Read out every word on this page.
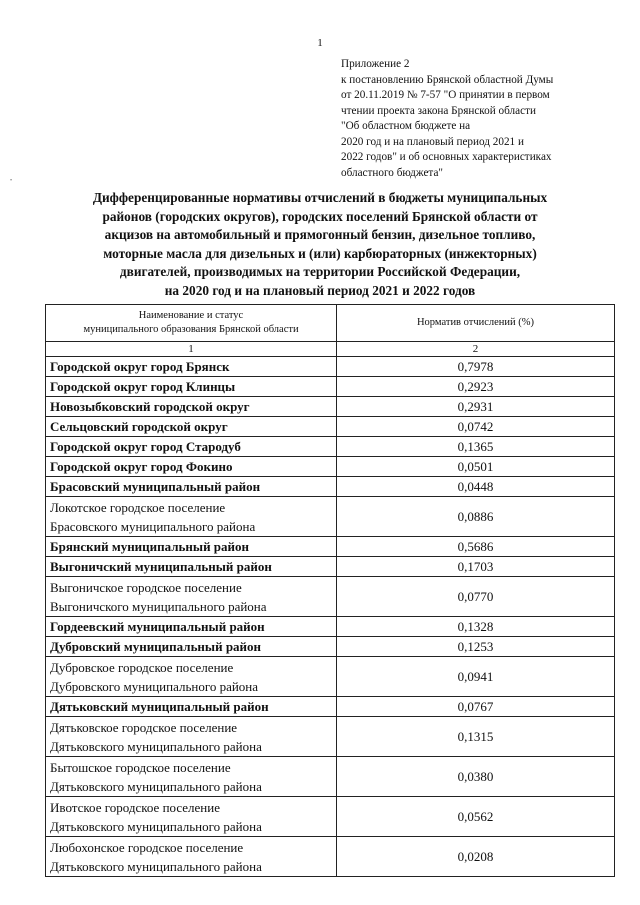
1
•
Приложение 2
к постановлению Брянской областной Думы
от 20.11.2019 № 7-57 "О принятии в первом
чтении проекта закона Брянской области
"Об областном бюджете на
2020 год и на плановый период 2021 и
2022 годов" и об основных характеристиках
областного бюджета"
Дифференцированные нормативы отчислений в бюджеты муниципальных
районов (городских округов), городских поселений Брянской области от
акцизов на автомобильный и прямогонный бензин, дизельное топливо,
моторные масла для дизельных и (или) карбюраторных (инжекторных)
двигателей, производимых на территории Российской Федерации,
на 2020 год и на плановый период 2021 и 2022 годов
Наименование и статус
муниципального образования Брянской области	Норматив отчислений (%)
1	2

Городской округ город Брянск	0,7978

Городской округ город Клинцы	0,2923

Новозыбковский городской округ	0,2931

Сельцовский городской округ	0,0742

Городской округ город Стародуб	0,1365

Городской округ город Фокино	0,0501

Брасовский муниципальный район	0,0448

Локотское городское поселение
Брасовского муниципального района	0,0886

Брянский муниципальный район	0,5686

Выгоничский муниципальный район	0,1703

Выгоничское городское поселение
Выгоничского муниципального района	0,0770

Гордеевский муниципальный район	0,1328

Дубровский муниципальный район	0,1253

Дубровское городское поселение
Дубровского муниципального района	0,0941

Дятьковский муниципальный район	0,0767

Дятьковское городское поселение
Дятьковского муниципального района	0,1315

Бытошское городское поселение
Дятьковского муниципального района	0,0380

Ивотское городское поселение
Дятьковского муниципального района	0,0562

Любохонское городское поселение
Дятьковского муниципального района	0,0208
